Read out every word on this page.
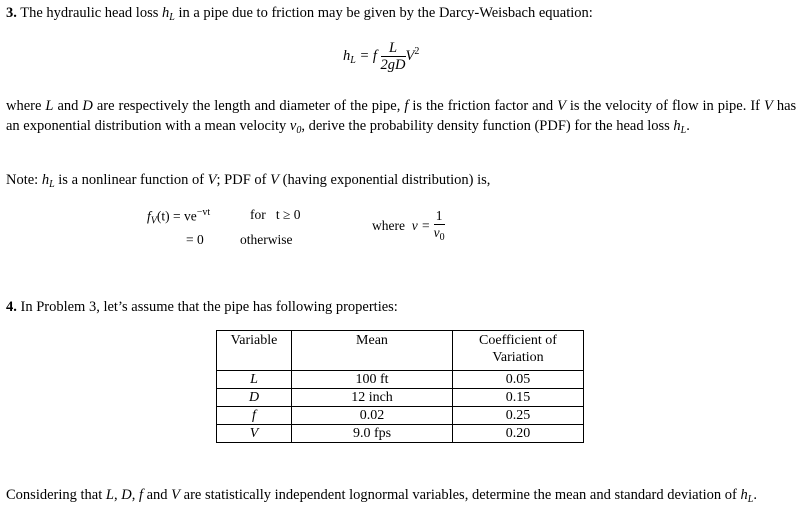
3. The hydraulic head loss $h_L$ in a pipe due to friction may be given by the Darcy-Weisbach equation:
$h_L = f \frac{L}{2gD} V^2$
where L and D are respectively the length and diameter of the pipe, f is the friction factor and V is the velocity of flow in pipe. If V has an exponential distribution with a mean velocity $v_0$, derive the probability density function (PDF) for the head loss $h_L$.
Note: $h_L$ is a nonlinear function of V; PDF of V (having exponential distribution) is,
$f_V(t) = ve^{-vt}$	for t ≥ 0
= 0	otherwise
where $v = \frac{1}{v_0}$
4. In Problem 3, let’s assume that the pipe has following properties:
Variable	Mean	Coefficient of Variation
L	100 ft	0.05
D	12 inch	0.15
f	0.02	0.25
V	9.0 fps	0.20
Considering that L, D, f and V are statistically independent lognormal variables, determine the mean and standard deviation of $h_L$.
